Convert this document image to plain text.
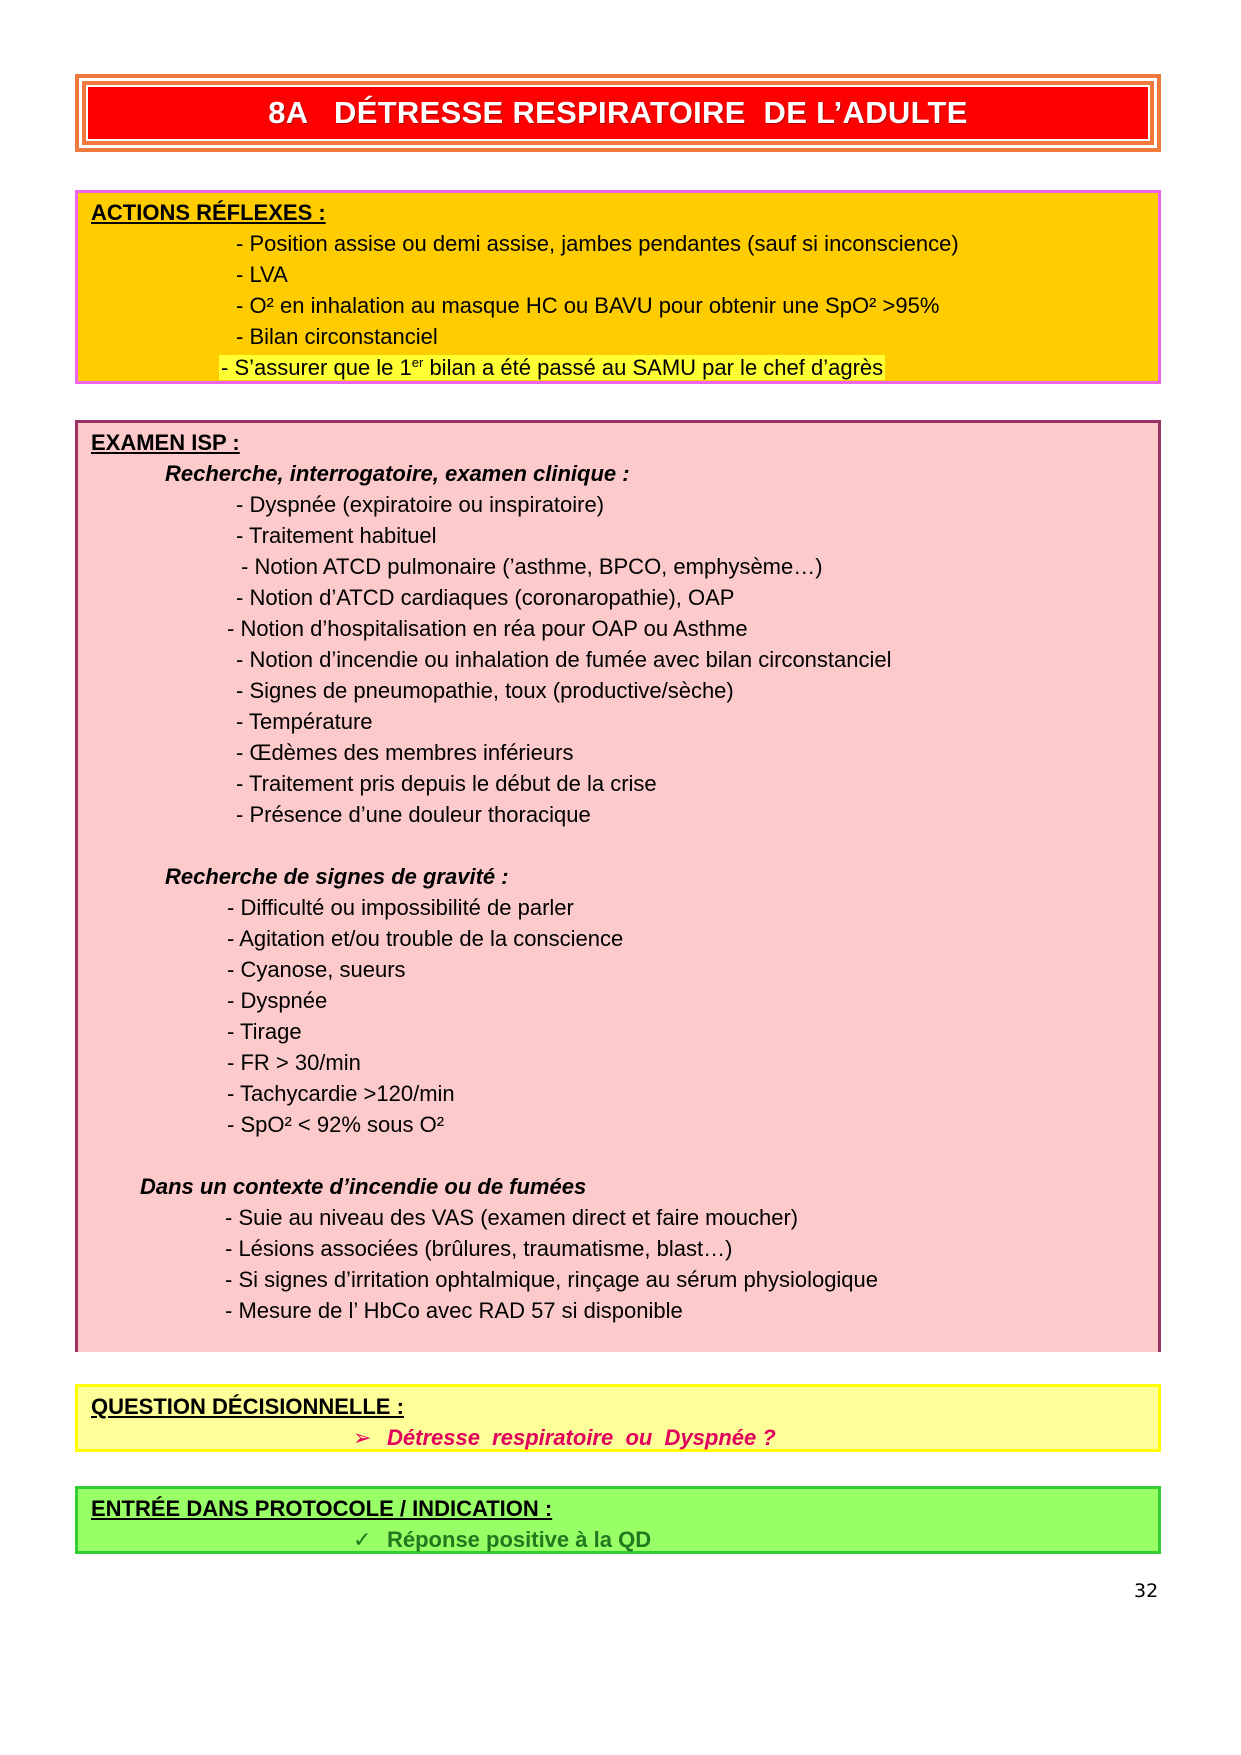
8A   DÉTRESSE RESPIRATOIRE  DE L’ADULTE
ACTIONS RÉFLEXES :
- Position assise ou demi assise, jambes pendantes (sauf si inconscience)
- LVA
- O² en inhalation au masque HC ou BAVU pour obtenir une SpO² >95%
- Bilan circonstanciel
- S’assurer que le 1er bilan a été passé au SAMU par le chef d’agrès
EXAMEN ISP :
Recherche, interrogatoire, examen clinique :
- Dyspnée (expiratoire ou inspiratoire)
- Traitement habituel
- Notion ATCD pulmonaire (’asthme, BPCO, emphysème…)
- Notion d’ATCD cardiaques (coronaropathie), OAP
- Notion d’hospitalisation en réa pour OAP ou Asthme
- Notion d’incendie ou inhalation de fumée avec bilan circonstanciel
- Signes de pneumopathie, toux (productive/sèche)
- Température
- Œdèmes des membres inférieurs
- Traitement pris depuis le début de la crise
- Présence d’une douleur thoracique
Recherche de signes de gravité :
- Difficulté ou impossibilité de parler
- Agitation et/ou trouble de la conscience
- Cyanose, sueurs
- Dyspnée
- Tirage
- FR > 30/min
- Tachycardie >120/min
- SpO² < 92% sous O²
Dans un contexte d’incendie ou de fumées
- Suie au niveau des VAS (examen direct et faire moucher)
- Lésions associées (brûlures, traumatisme, blast…)
- Si signes d’irritation ophtalmique, rinçage au sérum physiologique
- Mesure de l’ HbCo avec RAD 57 si disponible
QUESTION DÉCISIONNELLE :
➢ Détresse  respiratoire  ou  Dyspnée ?
ENTRÉE DANS PROTOCOLE / INDICATION :
✓ Réponse positive à la QD
32
